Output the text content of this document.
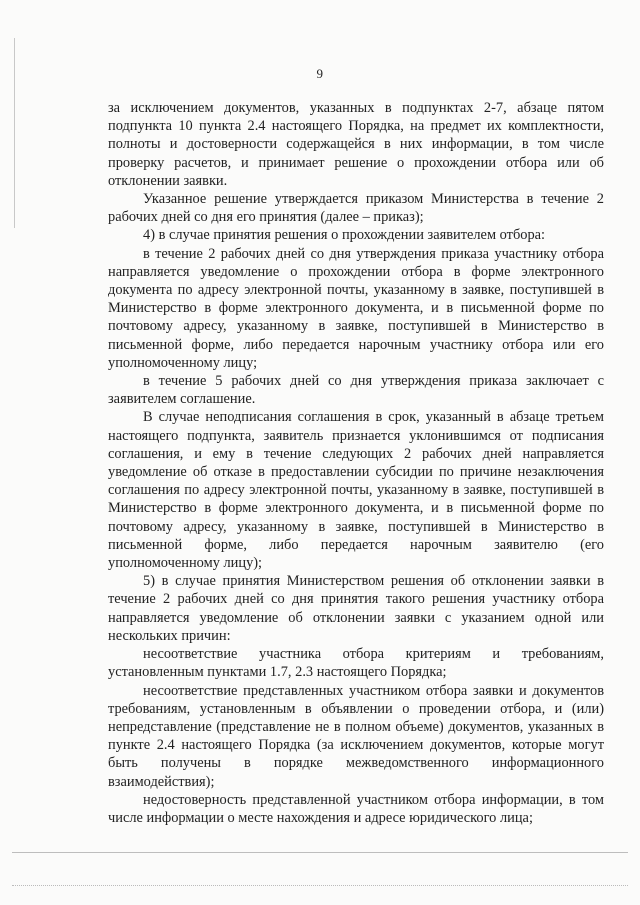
9

за исключением документов, указанных в подпунктах 2-7, абзаце пятом подпункта 10 пункта 2.4 настоящего Порядка, на предмет их комплектности, полноты и достоверности содержащейся в них информации, в том числе проверку расчетов, и принимает решение о прохождении отбора или об отклонении заявки.

Указанное решение утверждается приказом Министерства в течение 2 рабочих дней со дня его принятия (далее – приказ);

4) в случае принятия решения о прохождении заявителем отбора:

в течение 2 рабочих дней со дня утверждения приказа участнику отбора направляется уведомление о прохождении отбора в форме электронного документа по адресу электронной почты, указанному в заявке, поступившей в Министерство в форме электронного документа, и в письменной форме по почтовому адресу, указанному в заявке, поступившей в Министерство в письменной форме, либо передается нарочным участнику отбора или его уполномоченному лицу;

в течение 5 рабочих дней со дня утверждения приказа заключает с заявителем соглашение.

В случае неподписания соглашения в срок, указанный в абзаце третьем настоящего подпункта, заявитель признается уклонившимся от подписания соглашения, и ему в течение следующих 2 рабочих дней направляется уведомление об отказе в предоставлении субсидии по причине незаключения соглашения по адресу электронной почты, указанному в заявке, поступившей в Министерство в форме электронного документа, и в письменной форме по почтовому адресу, указанному в заявке, поступившей в Министерство в письменной форме, либо передается нарочным заявителю (его уполномоченному лицу);

5) в случае принятия Министерством решения об отклонении заявки в течение 2 рабочих дней со дня принятия такого решения участнику отбора направляется уведомление об отклонении заявки с указанием одной или нескольких причин:

несоответствие участника отбора критериям и требованиям, установленным пунктами 1.7, 2.3 настоящего Порядка;

несоответствие представленных участником отбора заявки и документов требованиям, установленным в объявлении о проведении отбора, и (или) непредставление (представление не в полном объеме) документов, указанных в пункте 2.4 настоящего Порядка (за исключением документов, которые могут быть получены в порядке межведомственного информационного взаимодействия);

недостоверность представленной участником отбора информации, в том числе информации о месте нахождения и адресе юридического лица;
